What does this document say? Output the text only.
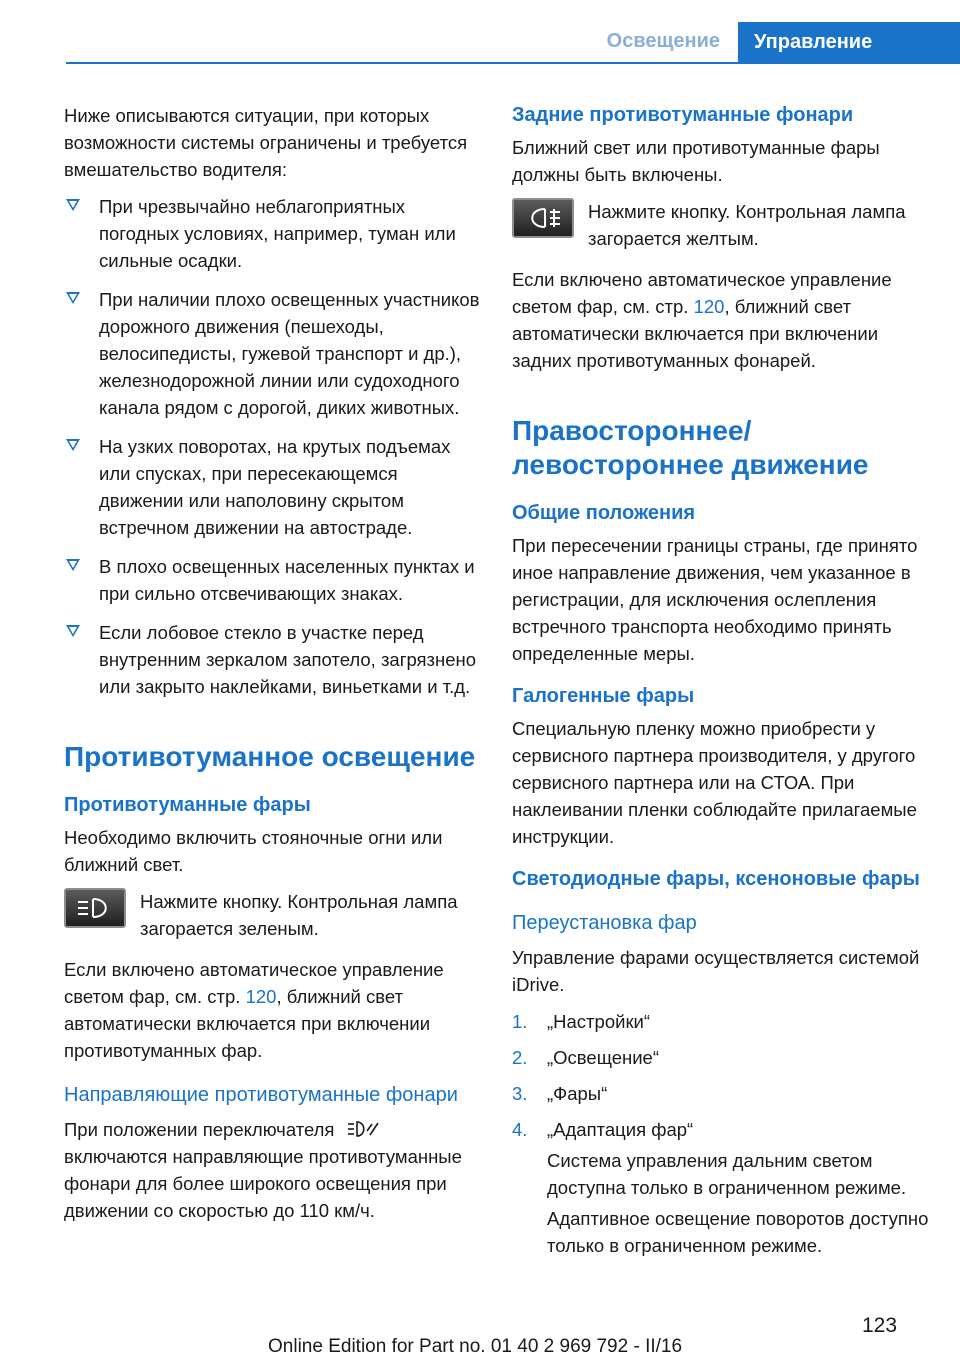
Освещение	Управление

Ниже описываются ситуации, при которых возможности системы ограничены и требуется вмешательство водителя:

При чрезвычайно неблагоприятных погодных условиях, например, туман или сильные осадки.
При наличии плохо освещенных участников дорожного движения (пешеходы, велосипедисты, гужевой транспорт и др.), железнодорожной линии или судоходного канала рядом с дорогой, диких животных.
На узких поворотах, на крутых подъемах или спусках, при пересекающемся движении или наполовину скрытом встречном движении на автостраде.
В плохо освещенных населенных пунктах и при сильно отсвечивающих знаках.
Если лобовое стекло в участке перед внутренним зеркалом запотело, загрязнено или закрыто наклейками, виньетками и т.д.
Противотуманное освещение
Противотуманные фары

Необходимо включить стояночные огни или ближний свет.

Нажмите кнопку. Контрольная лампа загорается зеленым.

Если включено автоматическое управление светом фар, см. стр. 120, ближний свет автоматически включается при включении противотуманных фар.

Направляющие противотуманные фонари

При положении переключателя  включаются направляющие противотуманные фонари для более широкого освещения при движении со скоростью до 110 км/ч.

Задние противотуманные фонари

Ближний свет или противотуманные фары должны быть включены.

Нажмите кнопку. Контрольная лампа загорается желтым.

Если включено автоматическое управление светом фар, см. стр. 120, ближний свет автоматически включается при включении задних противотуманных фонарей.

Правостороннее/ левостороннее движение
Общие положения

При пересечении границы страны, где принято иное направление движения, чем указанное в регистрации, для исключения ослепления встречного транспорта необходимо принять определенные меры.

Галогенные фары

Специальную пленку можно приобрести у сервисного партнера производителя, у другого сервисного партнера или на СТОА. При наклеивании пленки соблюдайте прилагаемые инструкции.

Светодиодные фары, ксеноновые фары
Переустановка фар

Управление фарами осуществляется системой iDrive.

1. „Настройки“
2. „Освещение“
3. „Фары“
4. „Адаптация фар“
Система управления дальним светом доступна только в ограниченном режиме.
Адаптивное освещение поворотов доступно только в ограниченном режиме.
123
Online Edition for Part no. 01 40 2 969 792 - II/16
